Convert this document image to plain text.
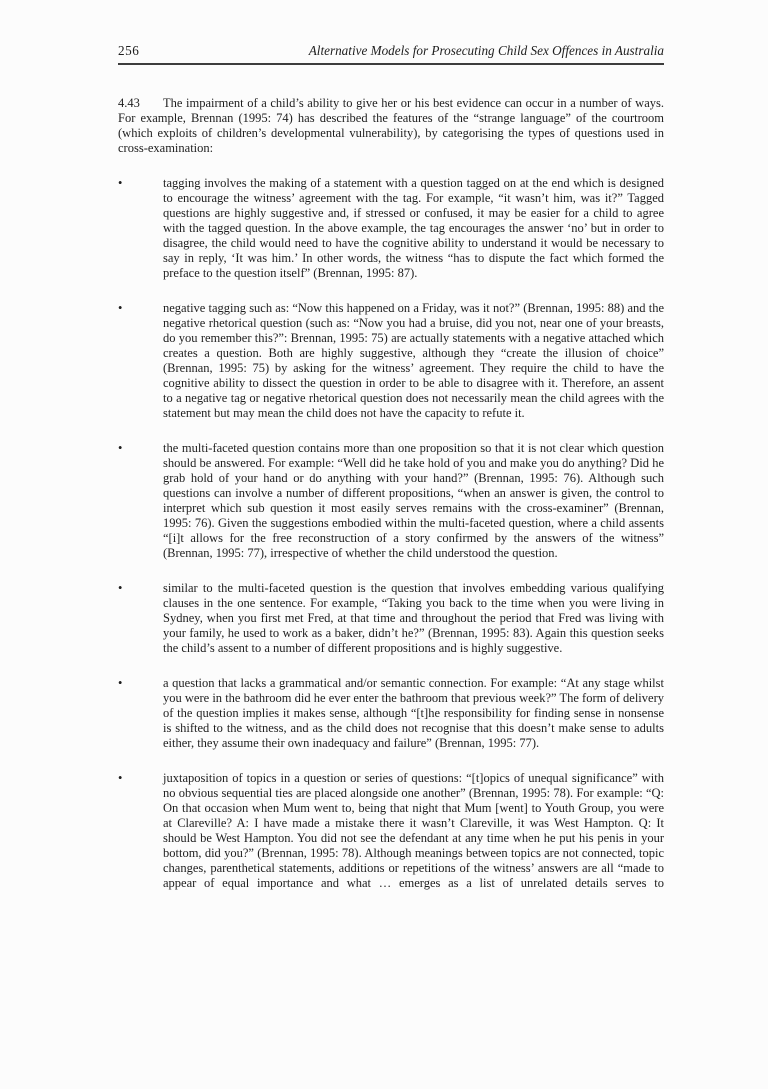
256	Alternative Models for Prosecuting Child Sex Offences in Australia

4.43 The impairment of a child’s ability to give her or his best evidence can occur in a number of ways. For example, Brennan (1995: 74) has described the features of the “strange language” of the courtroom (which exploits of children’s developmental vulnerability), by categorising the types of questions used in cross-examination:

•	tagging involves the making of a statement with a question tagged on at the end which is designed to encourage the witness’ agreement with the tag. For example, “it wasn’t him, was it?” Tagged questions are highly suggestive and, if stressed or confused, it may be easier for a child to agree with the tagged question. In the above example, the tag encourages the answer ‘no’ but in order to disagree, the child would need to have the cognitive ability to understand it would be necessary to say in reply, ‘It was him.’ In other words, the witness “has to dispute the fact which formed the preface to the question itself” (Brennan, 1995: 87).

•	negative tagging such as: “Now this happened on a Friday, was it not?” (Brennan, 1995: 88) and the negative rhetorical question (such as: “Now you had a bruise, did you not, near one of your breasts, do you remember this?”: Brennan, 1995: 75) are actually statements with a negative attached which creates a question. Both are highly suggestive, although they “create the illusion of choice” (Brennan, 1995: 75) by asking for the witness’ agreement. They require the child to have the cognitive ability to dissect the question in order to be able to disagree with it. Therefore, an assent to a negative tag or negative rhetorical question does not necessarily mean the child agrees with the statement but may mean the child does not have the capacity to refute it.

•	the multi-faceted question contains more than one proposition so that it is not clear which question should be answered. For example: “Well did he take hold of you and make you do anything? Did he grab hold of your hand or do anything with your hand?” (Brennan, 1995: 76). Although such questions can involve a number of different propositions, “when an answer is given, the control to interpret which sub question it most easily serves remains with the cross-examiner” (Brennan, 1995: 76). Given the suggestions embodied within the multi-faceted question, where a child assents “[i]t allows for the free reconstruction of a story confirmed by the answers of the witness” (Brennan, 1995: 77), irrespective of whether the child understood the question.

•	similar to the multi-faceted question is the question that involves embedding various qualifying clauses in the one sentence. For example, “Taking you back to the time when you were living in Sydney, when you first met Fred, at that time and throughout the period that Fred was living with your family, he used to work as a baker, didn’t he?” (Brennan, 1995: 83). Again this question seeks the child’s assent to a number of different propositions and is highly suggestive.

•	a question that lacks a grammatical and/or semantic connection. For example: “At any stage whilst you were in the bathroom did he ever enter the bathroom that previous week?” The form of delivery of the question implies it makes sense, although “[t]he responsibility for finding sense in nonsense is shifted to the witness, and as the child does not recognise that this doesn’t make sense to adults either, they assume their own inadequacy and failure” (Brennan, 1995: 77).

•	juxtaposition of topics in a question or series of questions: “[t]opics of unequal significance” with no obvious sequential ties are placed alongside one another” (Brennan, 1995: 78). For example: “Q: On that occasion when Mum went to, being that night that Mum [went] to Youth Group, you were at Clareville? A: I have made a mistake there it wasn’t Clareville, it was West Hampton. Q: It should be West Hampton. You did not see the defendant at any time when he put his penis in your bottom, did you?” (Brennan, 1995: 78). Although meanings between topics are not connected, topic changes, parenthetical statements, additions or repetitions of the witness’ answers are all “made to appear of equal importance and what … emerges as a list of unrelated details serves to
